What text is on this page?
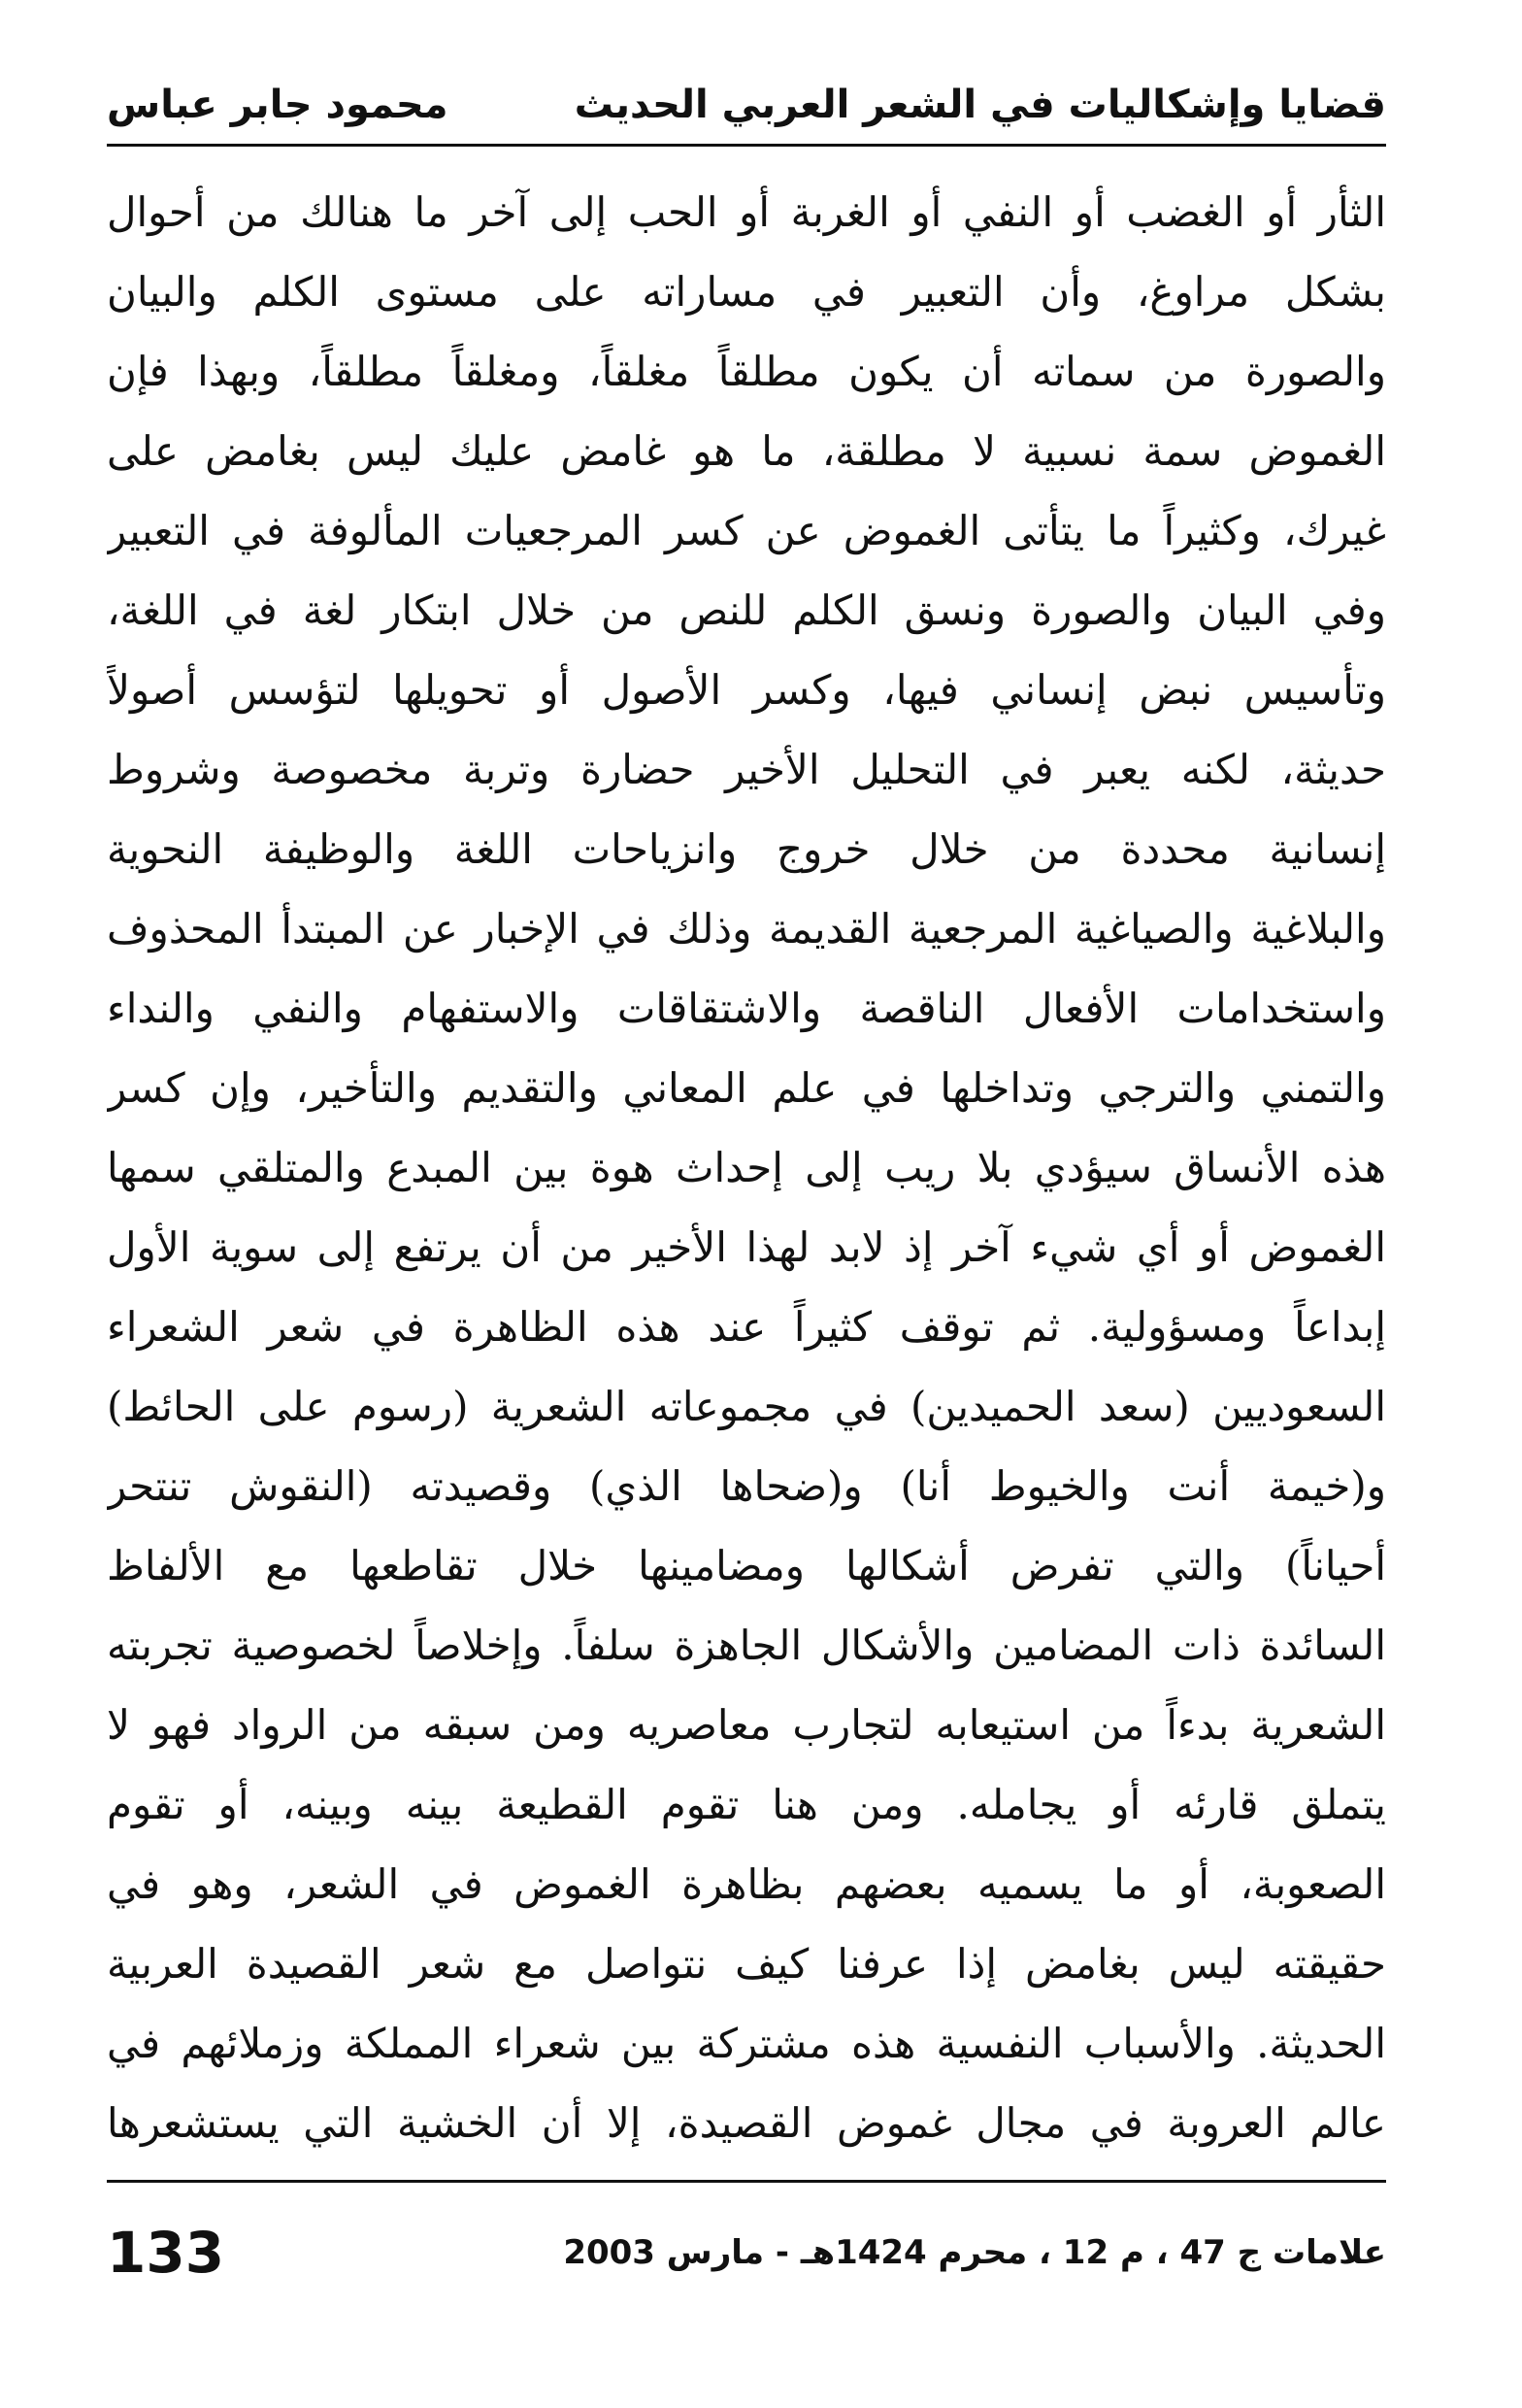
قضايا وإشكاليات في الشعر العربي الحديث
محمود جابر عباس
الثأر أو الغضب أو النفي أو الغربة أو الحب إلى آخر ما هنالك من أحوال
بشكل مراوغ، وأن التعبير في مساراته على مستوى الكلم والبيان
والصورة من سماته أن يكون مطلقاً مغلقاً، ومغلقاً مطلقاً، وبهذا فإن
الغموض سمة نسبية لا مطلقة، ما هو غامض عليك ليس بغامض على
غيرك، وكثيراً ما يتأتى الغموض عن كسر المرجعيات المألوفة في التعبير
وفي البيان والصورة ونسق الكلم للنص من خلال ابتكار لغة في اللغة،
وتأسيس نبض إنساني فيها، وكسر الأصول أو تحويلها لتؤسس أصولاً
حديثة، لكنه يعبر في التحليل الأخير حضارة وتربة مخصوصة وشروط
إنسانية محددة من خلال خروج وانزياحات اللغة والوظيفة النحوية
والبلاغية والصياغية المرجعية القديمة وذلك في الإخبار عن المبتدأ المحذوف
واستخدامات الأفعال الناقصة والاشتقاقات والاستفهام والنفي والنداء
والتمني والترجي وتداخلها في علم المعاني والتقديم والتأخير، وإن كسر
هذه الأنساق سيؤدي بلا ريب إلى إحداث هوة بين المبدع والمتلقي سمها
الغموض أو أي شيء آخر إذ لابد لهذا الأخير من أن يرتفع إلى سوية الأول
إبداعاً ومسؤولية. ثم توقف كثيراً عند هذه الظاهرة في شعر الشعراء
السعوديين (سعد الحميدين) في مجموعاته الشعرية (رسوم على الحائط)
و(خيمة أنت والخيوط أنا) و(ضحاها الذي) وقصيدته (النقوش تنتحر
أحياناً) والتي تفرض أشكالها ومضامينها خلال تقاطعها مع الألفاظ
السائدة ذات المضامين والأشكال الجاهزة سلفاً. وإخلاصاً لخصوصية تجربته
الشعرية بدءاً من استيعابه لتجارب معاصريه ومن سبقه من الرواد فهو لا
يتملق قارئه أو يجامله. ومن هنا تقوم القطيعة بينه وبينه، أو تقوم
الصعوبة، أو ما يسميه بعضهم بظاهرة الغموض في الشعر، وهو في
حقيقته ليس بغامض إذا عرفنا كيف نتواصل مع شعر القصيدة العربية
الحديثة. والأسباب النفسية هذه مشتركة بين شعراء المملكة وزملائهم في
عالم العروبة في مجال غموض القصيدة، إلا أن الخشية التي يستشعرها
133	علامات ج 47 ، م 12 ، محرم 1424هـ - مارس 2003
